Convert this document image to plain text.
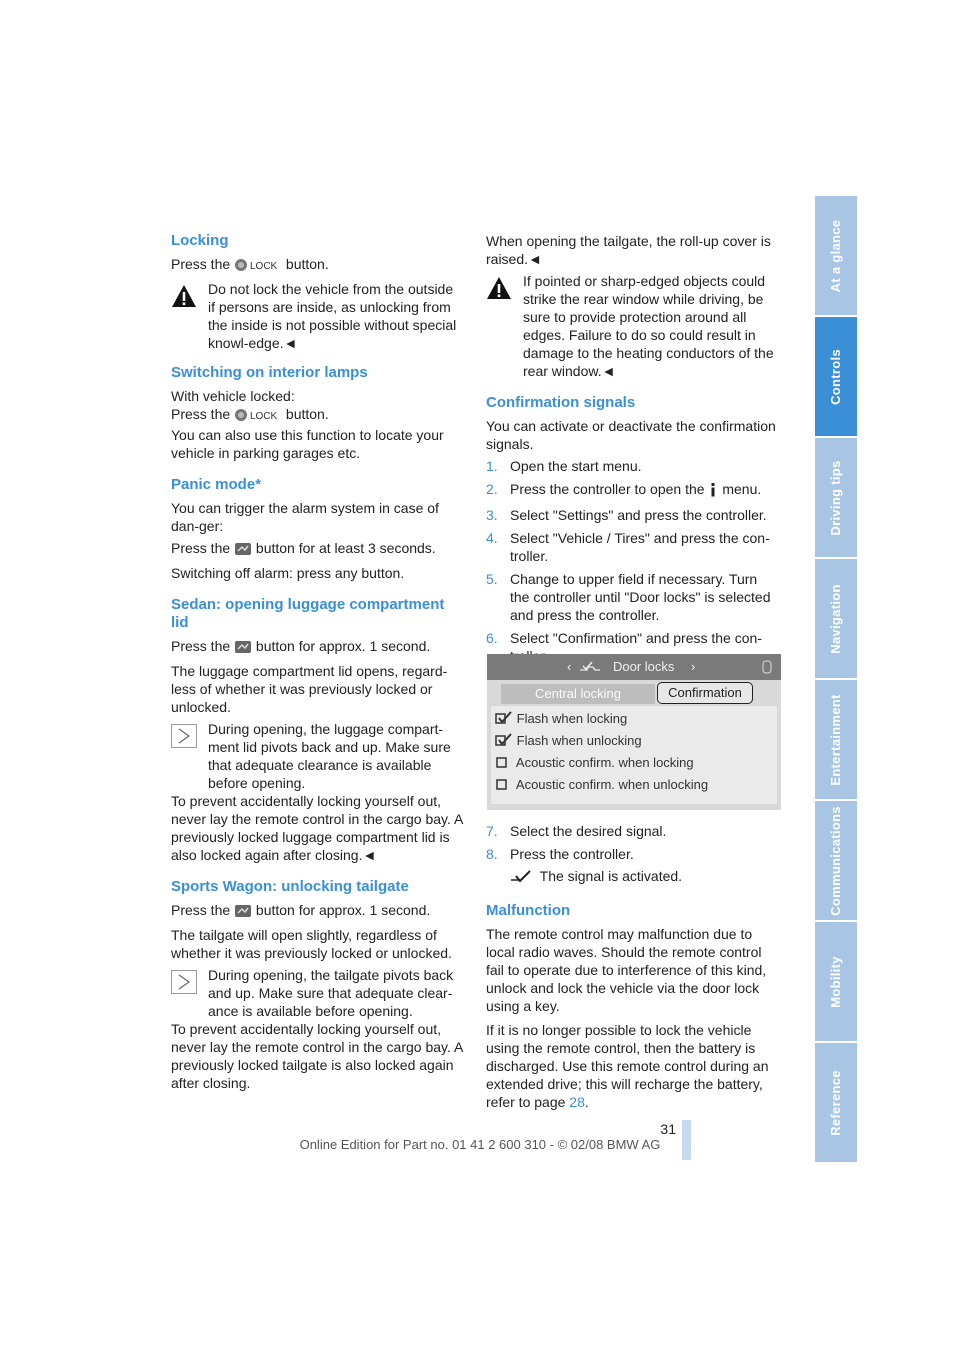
At a glance
Controls
Driving tips
Navigation
Entertainment
Communications
Mobility
Reference
Locking

Press the LOCK button.

Do not lock the vehicle from the outside if persons are inside, as unlocking from the inside is not possible without special knowl-edge.◄

Switching on interior lamps

With vehicle locked:

Press the LOCK button.

You can also use this function to locate your vehicle in parking garages etc.

Panic mode*

You can trigger the alarm system in case of dan-ger:

Press the button for at least 3 seconds.

Switching off alarm: press any button.

Sedan: opening luggage compartment lid

Press the button for approx. 1 second.

The luggage compartment lid opens, regard-less of whether it was previously locked or unlocked.

During opening, the luggage compart-ment lid pivots back and up. Make sure that adequate clearance is available before opening.

To prevent accidentally locking yourself out, never lay the remote control in the cargo bay. A previously locked luggage compartment lid is also locked again after closing.◄

Sports Wagon: unlocking tailgate

Press the button for approx. 1 second.

The tailgate will open slightly, regardless of whether it was previously locked or unlocked.

During opening, the tailgate pivots back and up. Make sure that adequate clear-ance is available before opening.

To prevent accidentally locking yourself out, never lay the remote control in the cargo bay. A previously locked tailgate is also locked again after closing.

When opening the tailgate, the roll-up cover is raised.◄

If pointed or sharp-edged objects could strike the rear window while driving, be sure to provide protection around all edges. Failure to do so could result in damage to the heating conductors of the rear window.◄

Confirmation signals

You can activate or deactivate the confirmation signals.

1. Open the start menu.
2. Press the controller to open the menu.
3. Select "Settings" and press the controller.
4. Select "Vehicle / Tires" and press the con-troller.
5. Change to upper field if necessary. Turn the controller until "Door locks" is selected and press the controller.
6. Select "Confirmation" and press the con-
‹	Door locks ›
Central locking	Confirmation
Flash when locking
Flash when unlocking
Acoustic confirm. when locking
Acoustic confirm. when unlocking
7. Select the desired signal.
8. Press the controller.

The signal is activated.

Malfunction

The remote control may malfunction due to local radio waves. Should the remote control fail to operate due to interference of this kind, unlock and lock the vehicle via the door lock using a key.

If it is no longer possible to lock the vehicle using the remote control, then the battery is discharged. Use this remote control during an extended drive; this will recharge the battery, refer to page 28.

31
Online Edition for Part no. 01 41 2 600 310 - © 02/08 BMW AG
